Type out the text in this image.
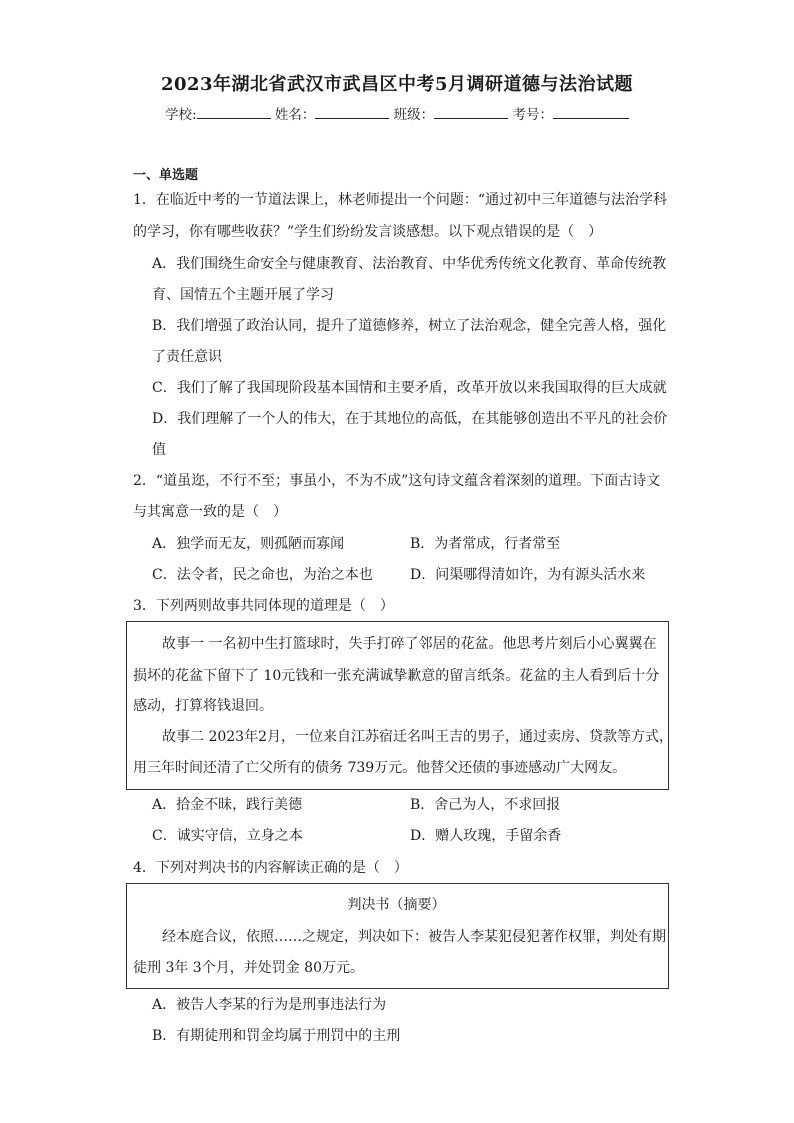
2023年湖北省武汉市武昌区中考5月调研道德与法治试题
学校:	姓名：	班级：	考号：
一、单选题
1．在临近中考的一节道法课上，林老师提出一个问题：“通过初中三年道德与法治学科
的学习，你有哪些收获？”学生们纷纷发言谈感想。以下观点错误的是（　）
A．我们围绕生命安全与健康教育、法治教育、中华优秀传统文化教育、革命传统教
育、国情五个主题开展了学习
B．我们增强了政治认同，提升了道德修养，树立了法治观念，健全完善人格，强化
了责任意识
C．我们了解了我国现阶段基本国情和主要矛盾，改革开放以来我国取得的巨大成就
D．我们理解了一个人的伟大，在于其地位的高低，在其能够创造出不平凡的社会价
值
2．“道虽迩，不行不至；事虽小，不为不成”这句诗文蕴含着深刻的道理。下面古诗文
与其寓意一致的是（　）
A．独学而无友，则孤陋而寡闻	B．为者常成，行者常至
C．法令者，民之命也，为治之本也	D．问渠哪得清如许，为有源头活水来
3．下列两则故事共同体现的道理是（　）
故事一 一名初中生打篮球时，失手打碎了邻居的花盆。他思考片刻后小心翼翼在
损坏的花盆下留下了 10元钱和一张充满诚挚歉意的留言纸条。花盆的主人看到后十分
感动，打算将钱退回。
故事二 2023年2月，一位来自江苏宿迁名叫王吉的男子，通过卖房、贷款等方式，
用三年时间还清了亡父所有的债务 739万元。他替父还债的事迹感动广大网友。
A．拾金不昧，践行美德	B．舍己为人，不求回报
C．诚实守信，立身之本	D．赠人玫瑰，手留余香
4．下列对判决书的内容解读正确的是（　）
判决书（摘要）
经本庭合议，依照……之规定，判决如下：被告人李某犯侵犯著作权罪，判处有期
徒刑 3年 3个月，并处罚金 80万元。
A．被告人李某的行为是刑事违法行为
B．有期徒刑和罚金均属于刑罚中的主刑
